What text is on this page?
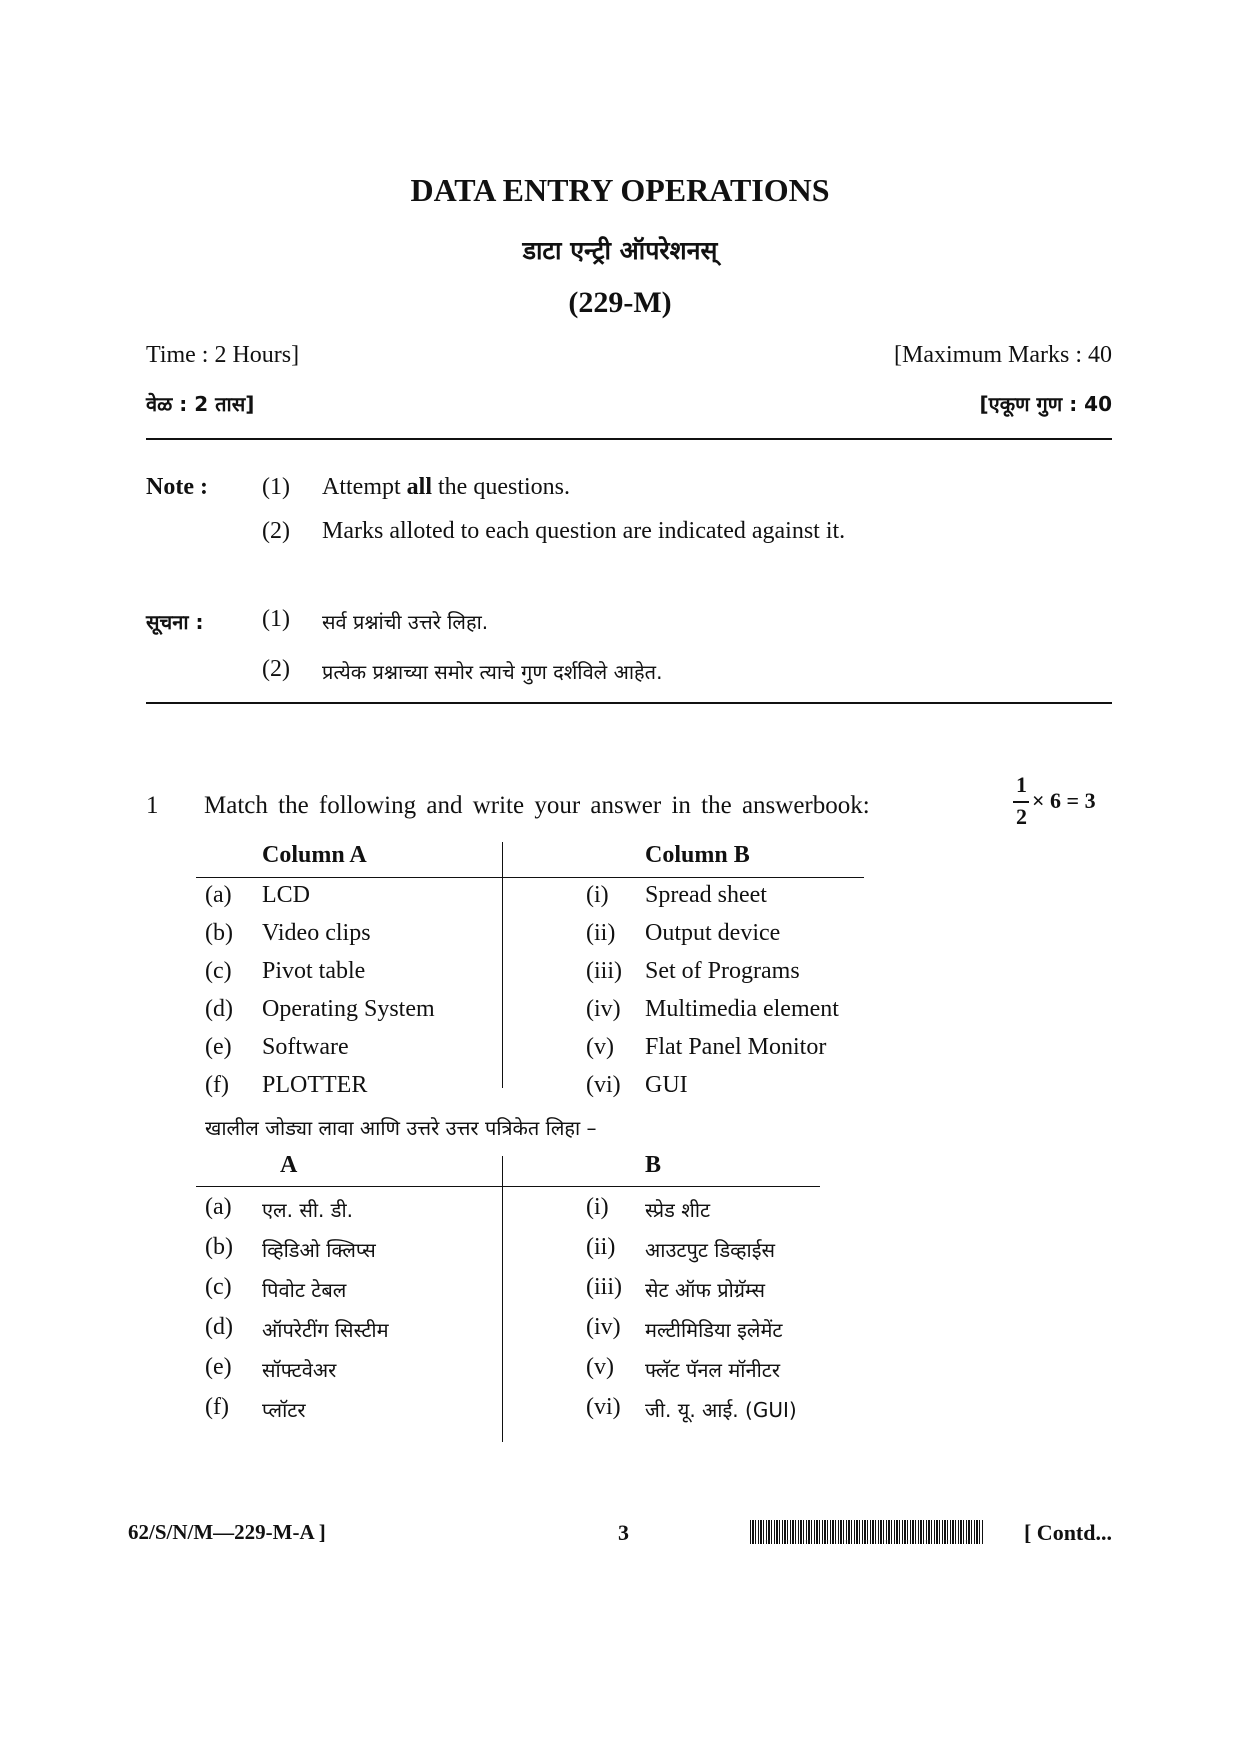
DATA ENTRY OPERATIONS
डाटा एन्ट्री ऑपरेशनस्
(229-M)
Time : 2 Hours]	[Maximum Marks : 40
वेळ : 2 तास]	[एकूण गुण : 40
Note : (1) Attempt all the questions.
(2) Marks alloted to each question are indicated against it.
सूचना : (1) सर्व प्रश्नांची उत्तरे लिहा.
(2) प्रत्येक प्रश्नाच्या समोर त्याचे गुण दर्शविले आहेत.
1 Match the following and write your answer in the answerbook:
1
2
× 6 = 3
Column A	Column B
(a) LCD	(i) Spread sheet
(b) Video clips	(ii) Output device
(c) Pivot table	(iii) Set of Programs
(d) Operating System	(iv) Multimedia element
(e) Software	(v) Flat Panel Monitor
(f) PLOTTER	(vi) GUI
खालील जोड्या लावा आणि उत्तरे उत्तर पत्रिकेत लिहा –
A	B
(a) एल. सी. डी.	(i) स्प्रेड शीट
(b) व्हिडिओ क्लिप्स	(ii) आउटपुट डिव्हाईस
(c) पिवोट टेबल	(iii) सेट ऑफ प्रोग्रॅम्स
(d) ऑपरेटींग सिस्टीम	(iv) मल्टीमिडिया इलेमेंट
(e) सॉफ्टवेअर	(v) फ्लॅट पॅनल मॉनीटर
(f) प्लॉटर	(vi) जी. यू. आई. (GUI)
62/S/N/M—229-M-A ]	3	[ Contd...
